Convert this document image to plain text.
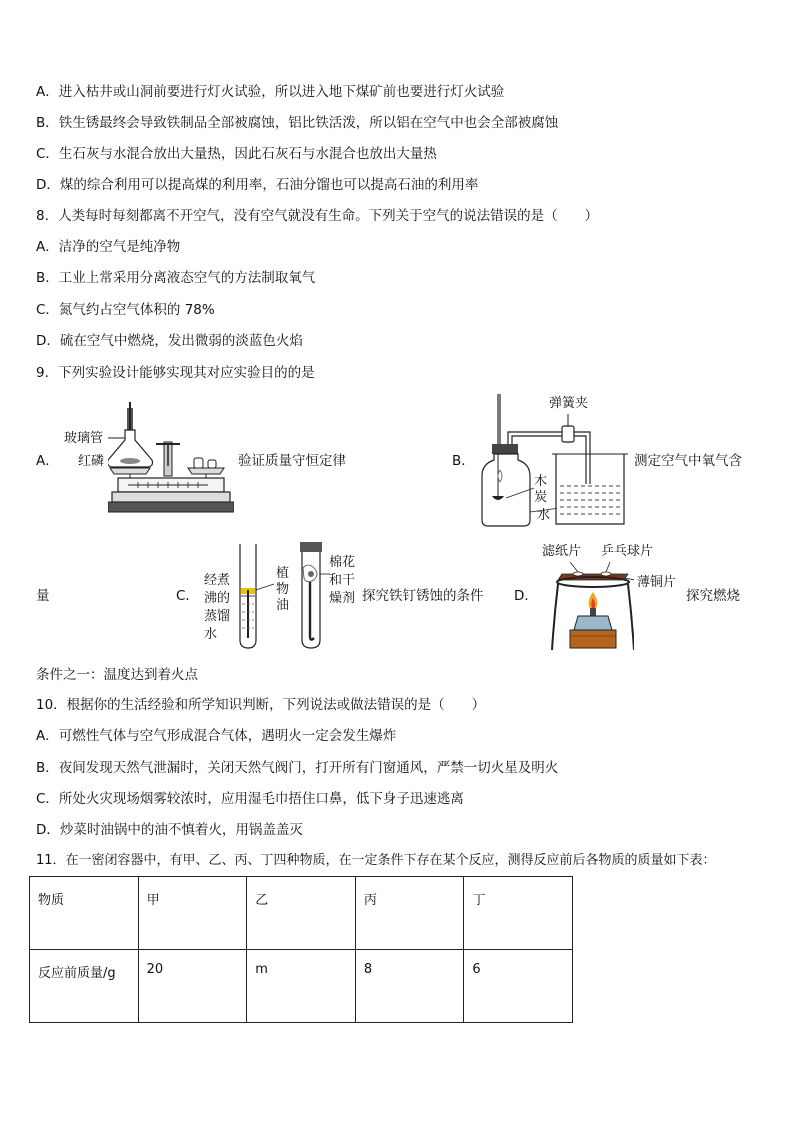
A．进入枯井或山洞前要进行灯火试验，所以进入地下煤矿前也要进行灯火试验
B．铁生锈最终会导致铁制品全部被腐蚀，铝比铁活泼，所以铝在空气中也会全部被腐蚀
C．生石灰与水混合放出大量热，因此石灰石与水混合也放出大量热
D．煤的综合利用可以提高煤的利用率，石油分馏也可以提高石油的利用率
8．人类每时每刻都离不开空气，没有空气就没有生命。下列关于空气的说法错误的是（　　）
A．洁净的空气是纯净物
B．工业上常采用分离液态空气的方法制取氧气
C．氮气约占空气体积的 78%
D．硫在空气中燃烧，发出微弱的淡蓝色火焰
9．下列实验设计能够实现其对应实验目的的是
A．
玻璃管
红磷	验证质量守恒定律	B．
弹簧夹
木炭
水
测定空气中氧气含
量	C．
经煮沸的蒸馏水
植物油
棉花和干燥剂 探究铁钉锈蚀的条件 D．
滤纸片 乒乓球片
薄铜片
探究燃烧
条件之一：温度达到着火点
10．根据你的生活经验和所学知识判断，下列说法或做法错误的是（　　）
A．可燃性气体与空气形成混合气体，遇明火一定会发生爆炸
B．夜间发现天然气泄漏时，关闭天然气阀门，打开所有门窗通风，严禁一切火星及明火
C．所处火灾现场烟雾较浓时，应用湿毛巾捂住口鼻，低下身子迅速逃离
D．炒菜时油锅中的油不慎着火，用锅盖盖灭
11．在一密闭容器中，有甲、乙、丙、丁四种物质，在一定条件下存在某个反应，测得反应前后各物质的质量如下表：
物质	甲	乙	丙	丁
反应前质量/g	20	m	8	6
